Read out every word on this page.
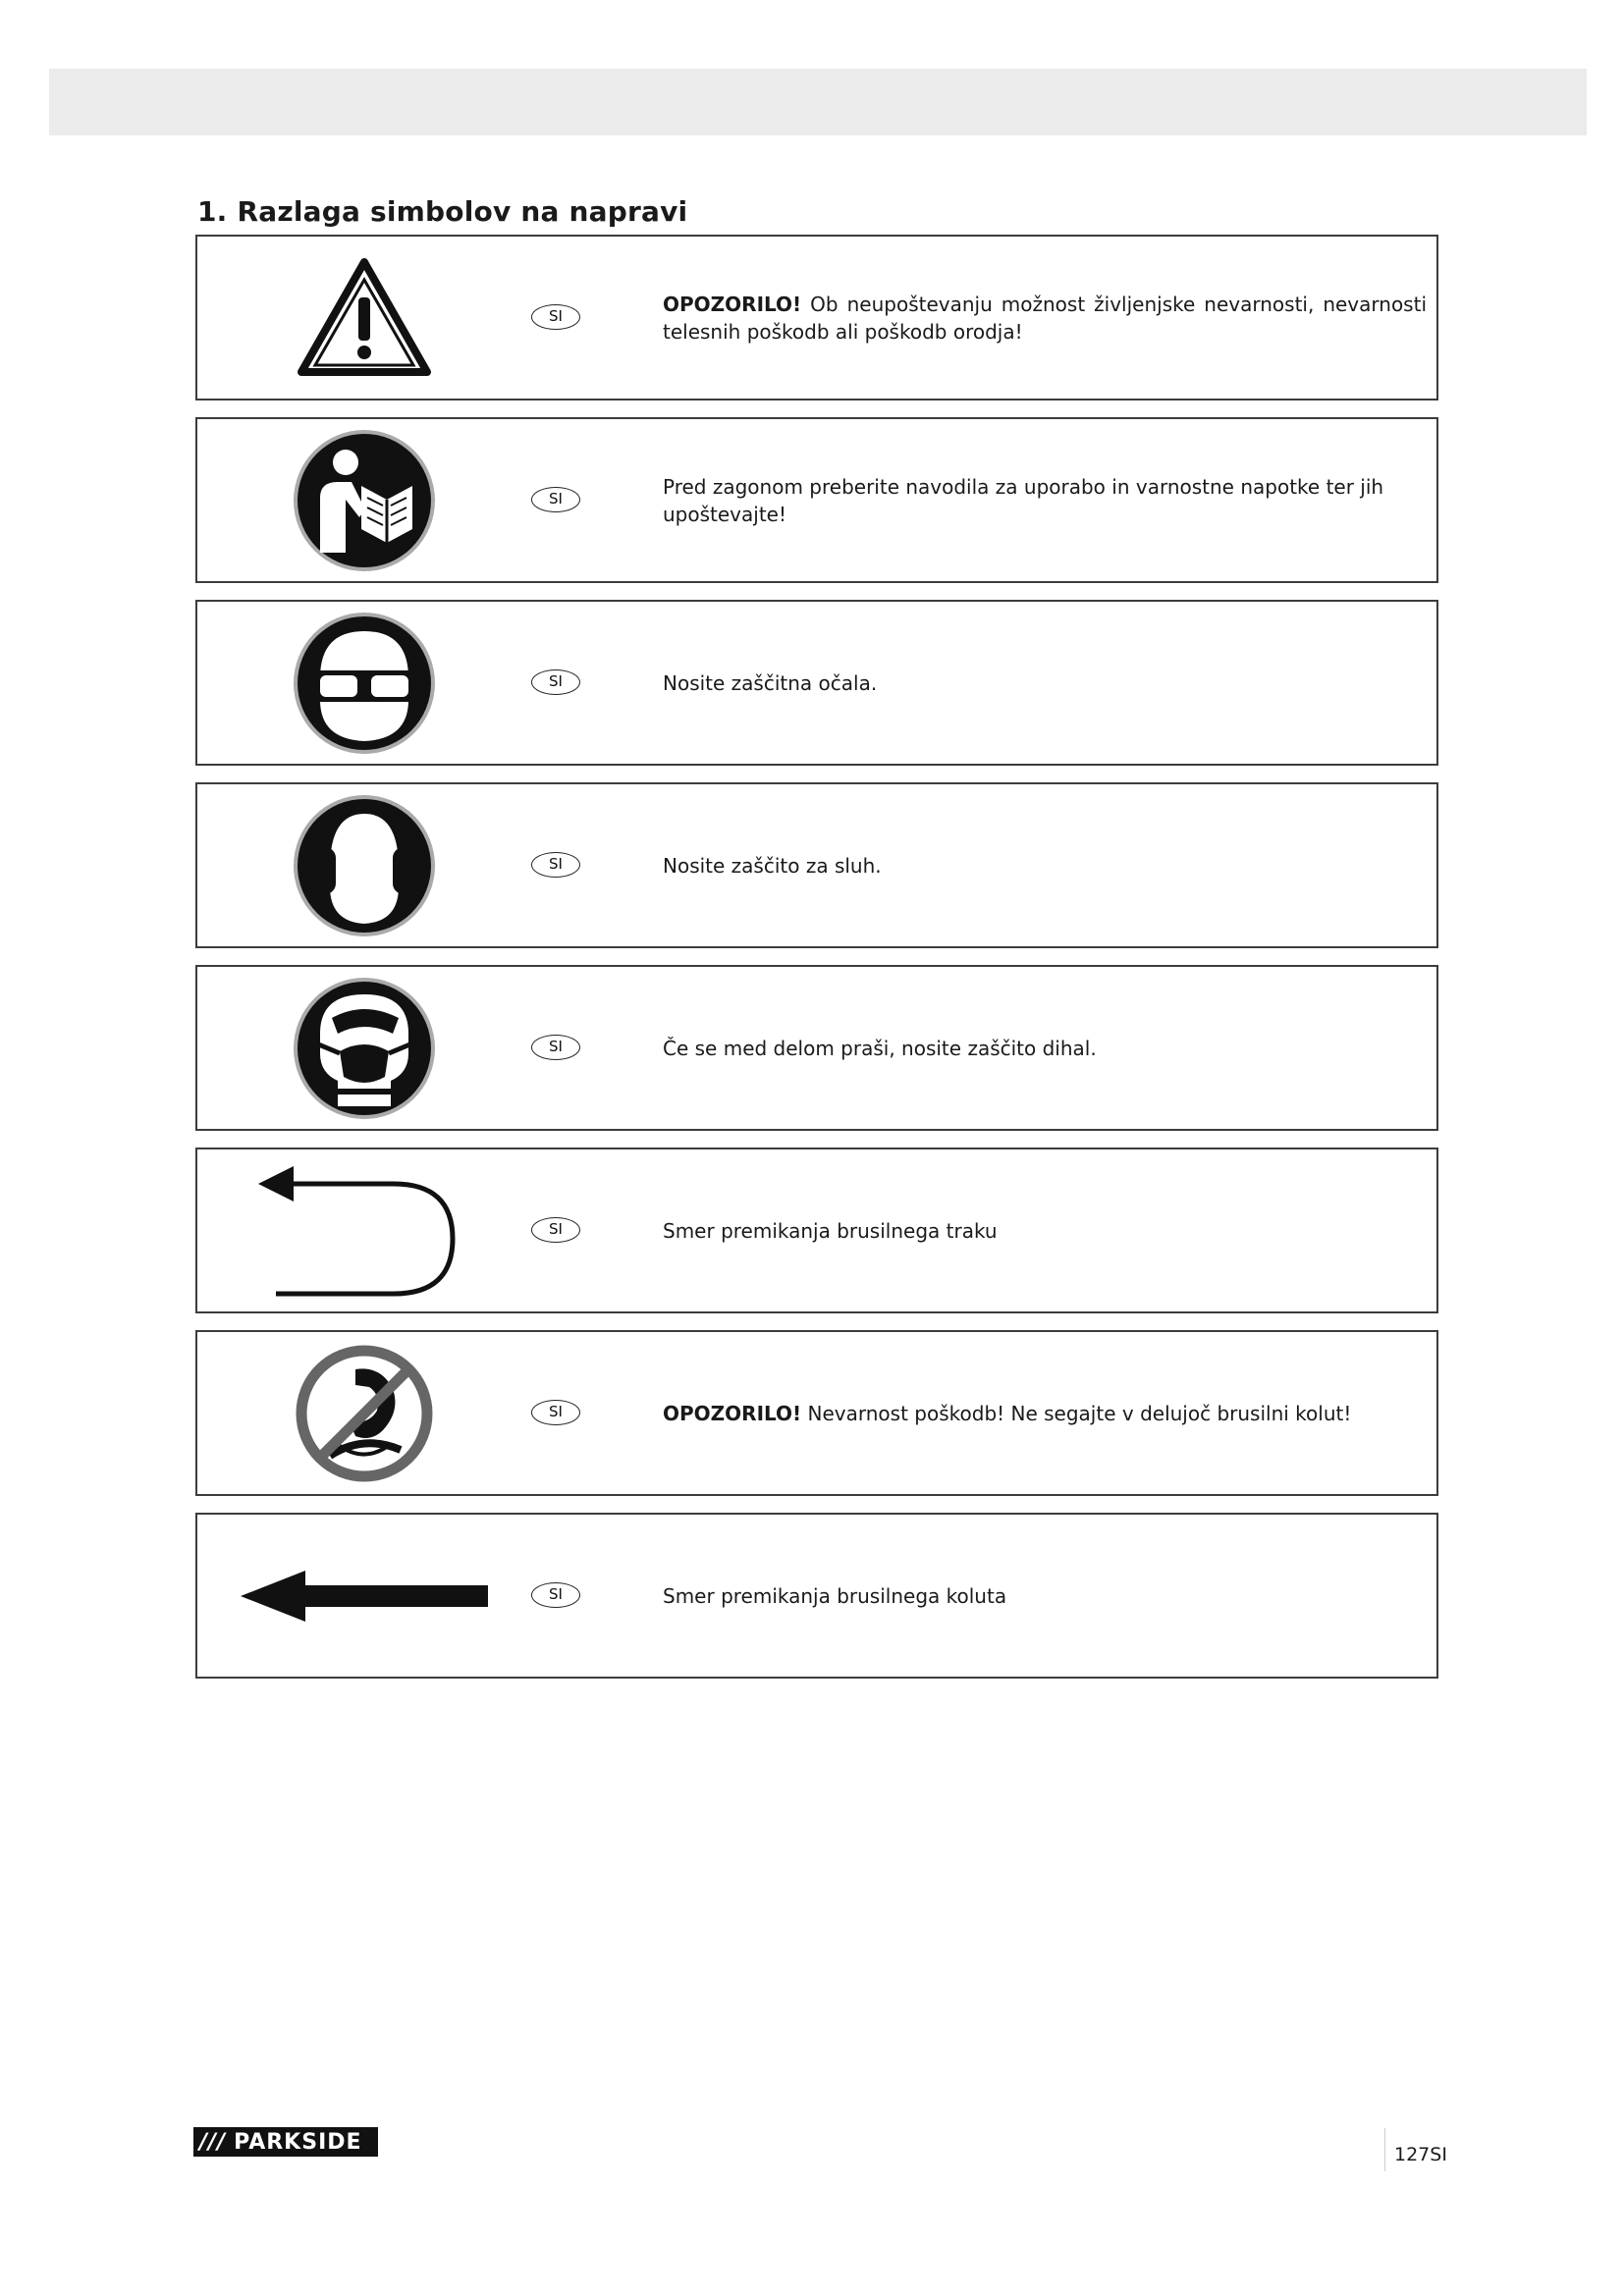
1. Razlaga simbolov na napravi
SI
OPOZORILO! Ob neupoštevanju možnost življenjske nevarnosti, nevarnosti telesnih poškodb ali poškodb orodja!
SI
Pred zagonom preberite navodila za uporabo in varnostne napotke ter jih upoštevajte!
SI	Nosite zaščitna očala.
SI	Nosite zaščito za sluh.
SI	Če se med delom praši, nosite zaščito dihal.
SI	Smer premikanja brusilnega traku
SI	OPOZORILO! Nevarnost poškodb! Ne segajte v delujoč brusilni kolut!
SI	Smer premikanja brusilnega koluta
/// PARKSIDE
127SI
